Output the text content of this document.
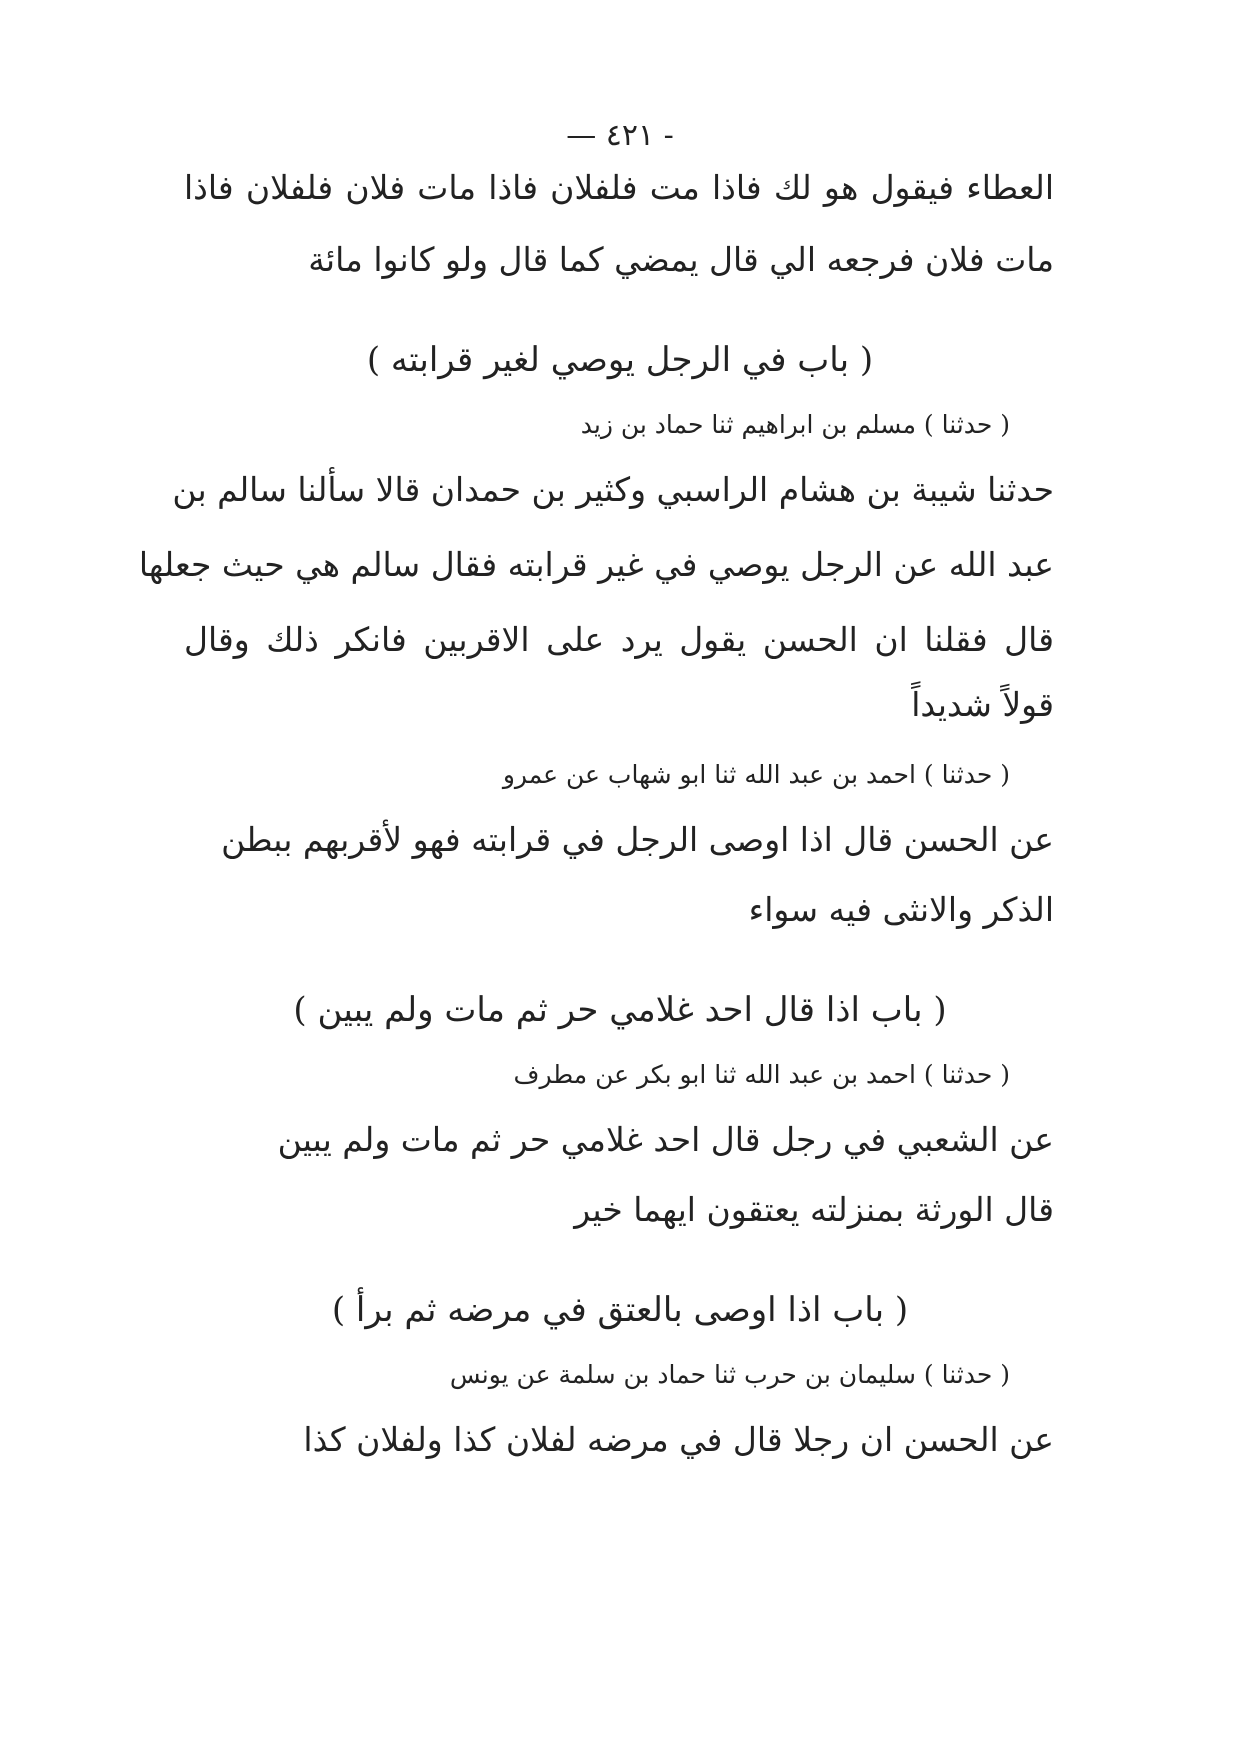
— ٤٢١ -
العطاء فيقول هو لك فاذا مت فلفلان فاذا مات فلان فلفلان فاذا
مات فلان فرجعه الي قال يمضي كما قال ولو كانوا مائة
( باب في الرجل يوصي لغير قرابته )
( حدثنا ) مسلم بن ابراهيم ثنا حماد بن زيد
حدثنا شيبة بن هشام الراسبي وكثير بن حمدان قالا سألنا سالم بن
عبد الله عن الرجل يوصي في غير قرابته فقال سالم هي حيث جعلها
قال فقلنا ان الحسن يقول يرد على الاقربين فانكر ذلك وقال
قولاً شديداً
( حدثنا ) احمد بن عبد الله ثنا ابو شهاب عن عمرو
عن الحسن قال اذا اوصى الرجل في قرابته فهو لأقربهم ببطن
الذكر والانثى فيه سواء
( باب اذا قال احد غلامي حر ثم مات ولم يبين )
( حدثنا ) احمد بن عبد الله ثنا ابو بكر عن مطرف
عن الشعبي في رجل قال احد غلامي حر ثم مات ولم يبين
قال الورثة بمنزلته يعتقون ايهما خير
( باب اذا اوصى بالعتق في مرضه ثم برأ )
( حدثنا ) سليمان بن حرب ثنا حماد بن سلمة عن يونس
عن الحسن ان رجلا قال في مرضه لفلان كذا ولفلان كذا
